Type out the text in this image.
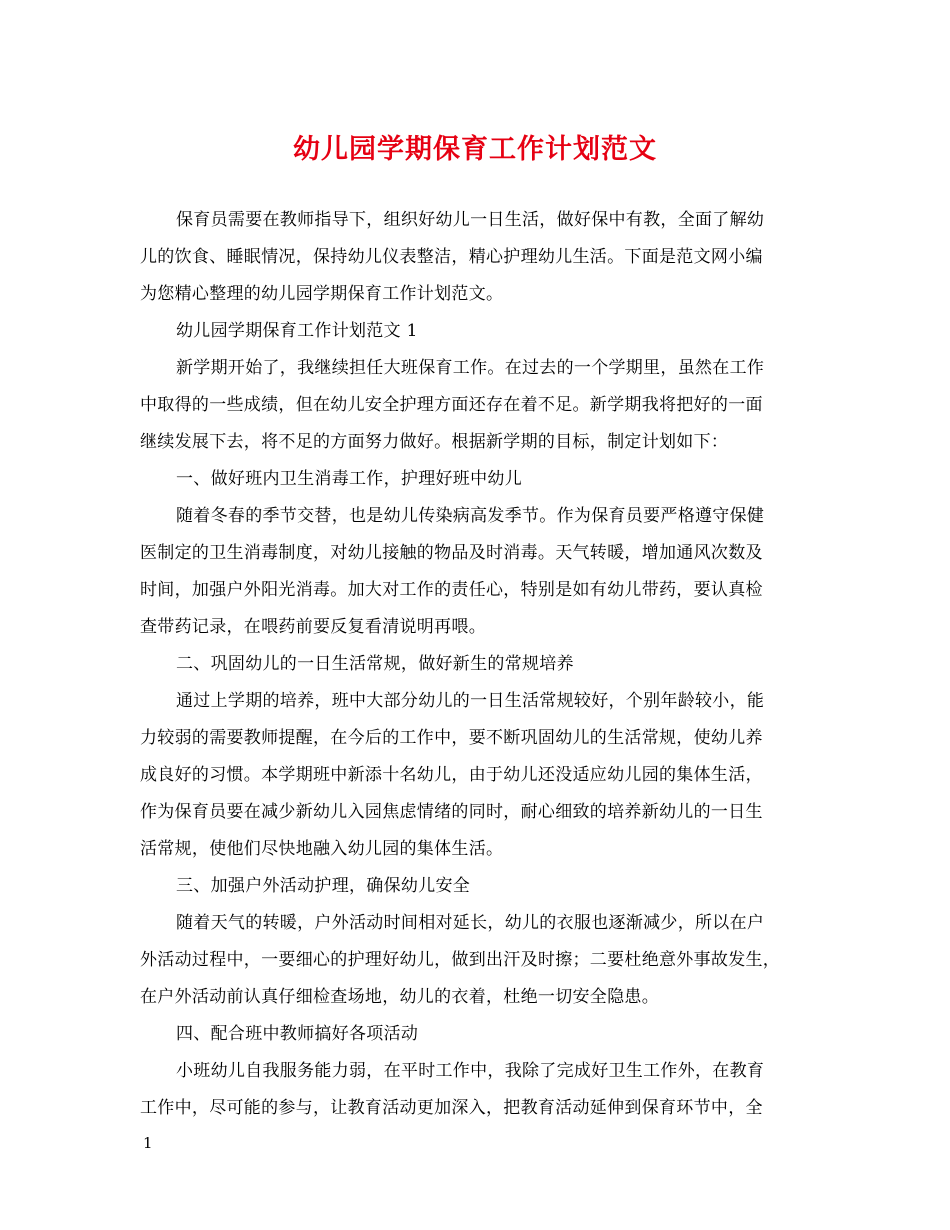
幼儿园学期保育工作计划范文
保育员需要在教师指导下，组织好幼儿一日生活，做好保中有教，全面了解幼
儿的饮食、睡眠情况，保持幼儿仪表整洁，精心护理幼儿生活。下面是范文网小编
为您精心整理的幼儿园学期保育工作计划范文。
幼儿园学期保育工作计划范文 1
新学期开始了，我继续担任大班保育工作。在过去的一个学期里，虽然在工作
中取得的一些成绩，但在幼儿安全护理方面还存在着不足。新学期我将把好的一面
继续发展下去，将不足的方面努力做好。根据新学期的目标，制定计划如下：
一、做好班内卫生消毒工作，护理好班中幼儿
随着冬春的季节交替，也是幼儿传染病高发季节。作为保育员要严格遵守保健
医制定的卫生消毒制度，对幼儿接触的物品及时消毒。天气转暖，增加通风次数及
时间，加强户外阳光消毒。加大对工作的责任心，特别是如有幼儿带药，要认真检
查带药记录，在喂药前要反复看清说明再喂。
二、巩固幼儿的一日生活常规，做好新生的常规培养
通过上学期的培养，班中大部分幼儿的一日生活常规较好，个别年龄较小，能
力较弱的需要教师提醒，在今后的工作中，要不断巩固幼儿的生活常规，使幼儿养
成良好的习惯。本学期班中新添十名幼儿，由于幼儿还没适应幼儿园的集体生活，
作为保育员要在减少新幼儿入园焦虑情绪的同时，耐心细致的培养新幼儿的一日生
活常规，使他们尽快地融入幼儿园的集体生活。
三、加强户外活动护理，确保幼儿安全
随着天气的转暖，户外活动时间相对延长，幼儿的衣服也逐渐减少，所以在户
外活动过程中，一要细心的护理好幼儿，做到出汗及时擦；二要杜绝意外事故发生，
在户外活动前认真仔细检查场地，幼儿的衣着，杜绝一切安全隐患。
四、配合班中教师搞好各项活动
小班幼儿自我服务能力弱，在平时工作中，我除了完成好卫生工作外，在教育
工作中，尽可能的参与，让教育活动更加深入，把教育活动延伸到保育环节中，全
1
